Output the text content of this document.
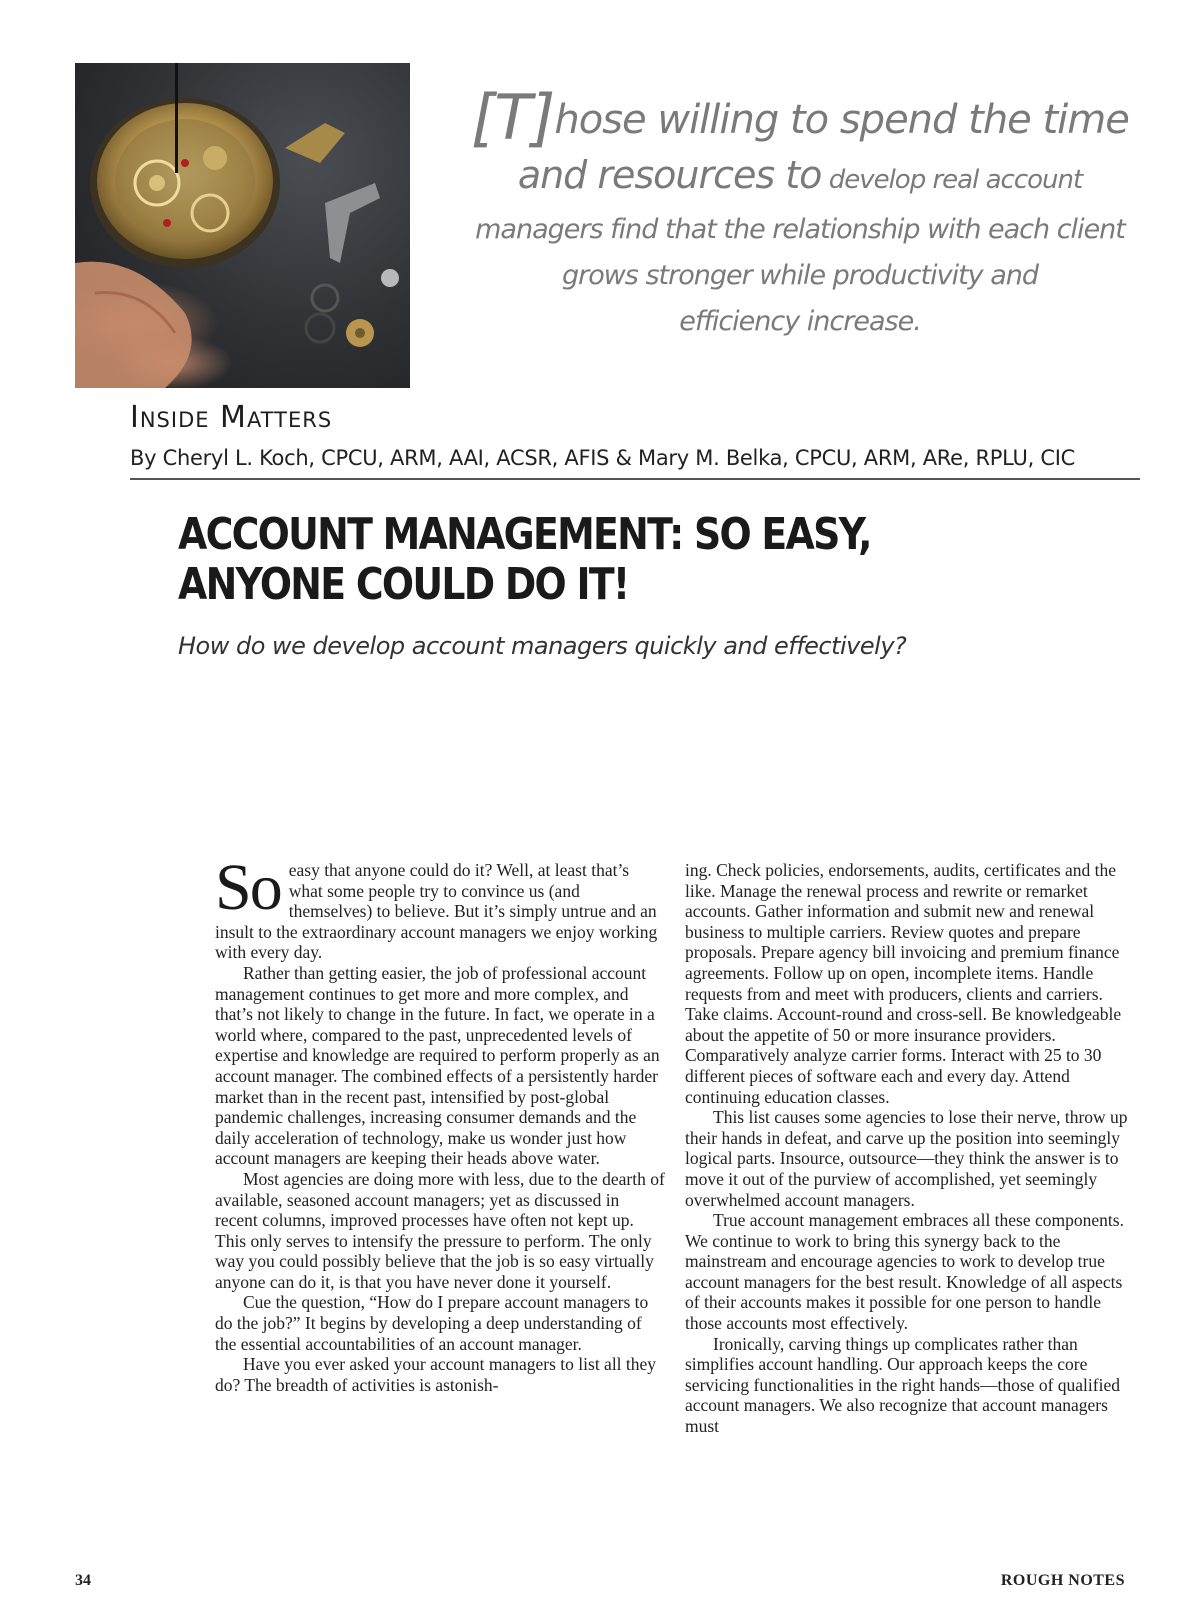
[T]hose willing to spend the time
and resources to develop real account
managers find that the relationship with each client
grows stronger while productivity and
efficiency increase.
Inside Matters
By Cheryl L. Koch, CPCU, ARM, AAI, ACSR, AFIS & Mary M. Belka, CPCU, ARM, ARe, RPLU, CIC
ACCOUNT MANAGEMENT: SO EASY,
ANYONE COULD DO IT!
How do we develop account managers quickly and effectively?

So easy that anyone could do it? Well, at least that’s what some people try to convince us (and themselves) to believe. But it’s simply untrue and an insult to the extraordinary account managers we enjoy working with every day.

Rather than getting easier, the job of professional account management continues to get more and more complex, and that’s not likely to change in the future. In fact, we operate in a world where, compared to the past, unprecedented levels of expertise and knowledge are required to perform properly as an account manager. The combined effects of a persistently harder market than in the recent past, intensified by post-global pandemic challenges, increasing consumer demands and the daily acceleration of technology, make us wonder just how account managers are keeping their heads above water.

Most agencies are doing more with less, due to the dearth of available, seasoned account managers; yet as discussed in recent columns, improved processes have often not kept up. This only serves to intensify the pressure to perform. The only way you could possibly believe that the job is so easy virtually anyone can do it, is that you have never done it yourself.

Cue the question, “How do I prepare account managers to do the job?” It begins by developing a deep understanding of the essential accountabilities of an account manager.

Have you ever asked your account managers to list all they do? The breadth of activities is astonish-

ing. Check policies, endorsements, audits, certificates and the like. Manage the renewal process and rewrite or remarket accounts. Gather information and submit new and renewal business to multiple carriers. Review quotes and prepare proposals. Prepare agency bill invoicing and premium finance agreements. Follow up on open, incomplete items. Handle requests from and meet with producers, clients and carriers. Take claims. Account-round and cross-sell. Be knowledgeable about the appetite of 50 or more insurance providers. Comparatively analyze carrier forms. Interact with 25 to 30 different pieces of software each and every day. Attend continuing education classes.

This list causes some agencies to lose their nerve, throw up their hands in defeat, and carve up the position into seemingly logical parts. Insource, outsource—they think the answer is to move it out of the purview of accomplished, yet seemingly overwhelmed account managers.

True account management embraces all these components. We continue to work to bring this synergy back to the mainstream and encourage agencies to work to develop true account managers for the best result. Knowledge of all aspects of their accounts makes it possible for one person to handle those accounts most effectively.

Ironically, carving things up complicates rather than simplifies account handling. Our approach keeps the core servicing functionalities in the right hands—those of qualified account managers. We also recognize that account managers must

34	ROUGH NOTES
